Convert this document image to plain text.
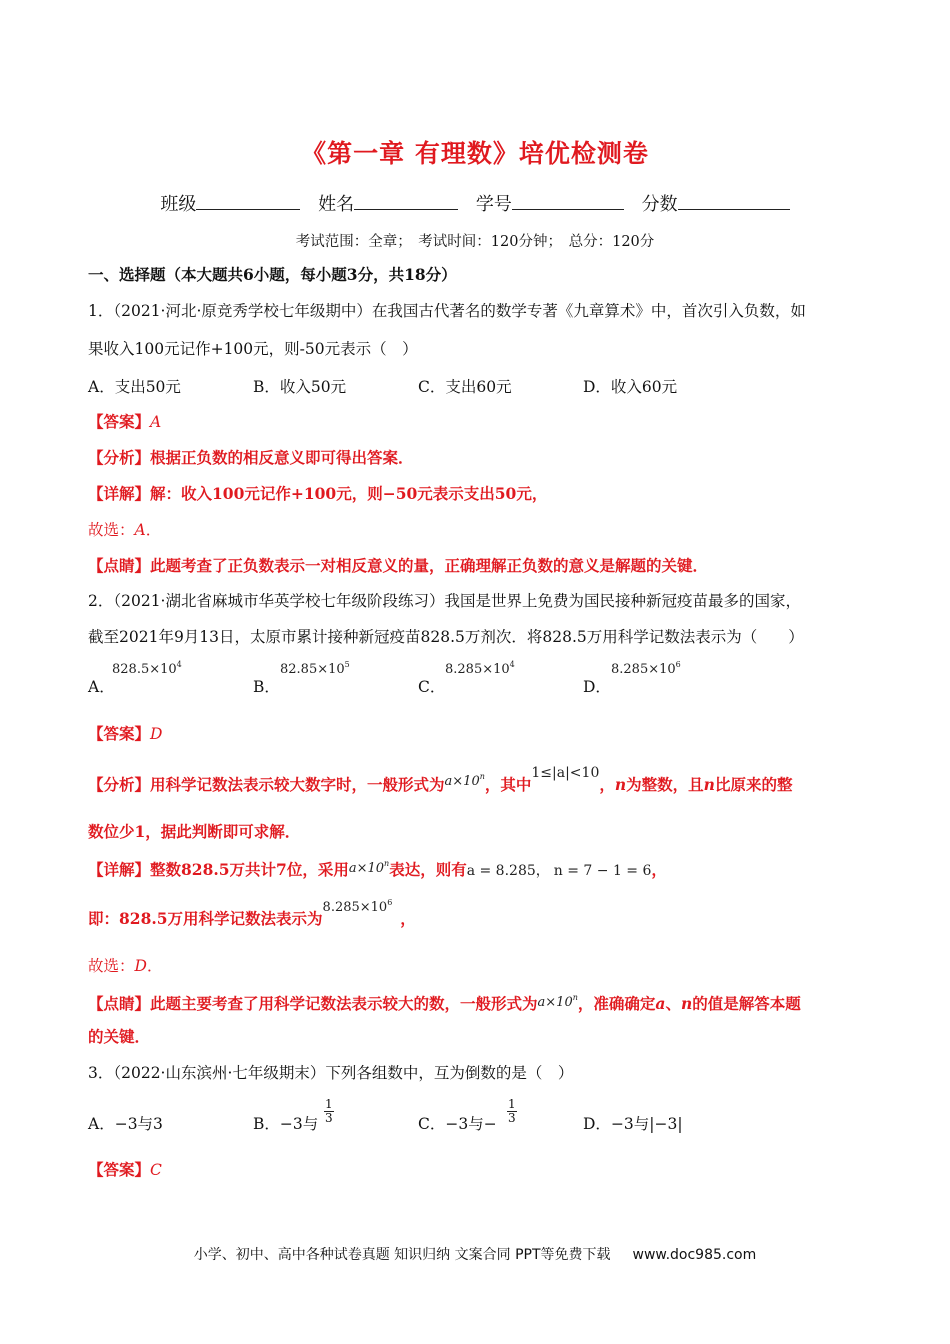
《第一章 有理数》培优检测卷
班级	姓名	学号	分数
考试范围：全章； 考试时间：120分钟； 总分：120分
一、选择题（本大题共6小题，每小题3分，共18分）
1．（2021·河北·原竞秀学校七年级期中）在我国古代著名的数学专著《九章算术》中，首次引入负数，如
果收入100元记作+100元，则-50元表示（　）
A．支出50元	B．收入50元	C．支出60元	D．收入60元
【答案】A
【分析】根据正负数的相反意义即可得出答案．
【详解】解：收入100元记作+100元，则−50元表示支出50元，
故选：A．
【点睛】此题考查了正负数表示一对相反意义的量，正确理解正负数的意义是解题的关键．
2．（2021·湖北省麻城市华英学校七年级阶段练习）我国是世界上免费为国民接种新冠疫苗最多的国家，
截至2021年9月13日，太原市累计接种新冠疫苗828.5万剂次．将828.5万用科学记数法表示为（　　）
A．
$828.5\times 10^4$
B．
$82.85\times 10^5$
C．
$8.285\times 10^4$
D．
$8.285\times 10^6$
【答案】D
【分析】用科学记数法表示较大数字时，一般形式为$^{a\times 10^n}$，其中1≤|a|<10，n为整数，且n比原来的整
数位少1，据此判断即可求解．
【详解】整数828.5万共计7位，采用$a\times 10^n$表达，则有a = 8.285， n = 7 − 1 = 6，
即：828.5万用科学记数法表示为$^{8.285\times 10^6}$，
故选：D．
【点睛】此题主要考查了用科学记数法表示较大的数，一般形式为$a\times 10^n$，准确确定a、n的值是解答本题
的关键．
3．（2022·山东滨州·七年级期末）下列各组数中，互为倒数的是（　）
A．−3与3	B．−3与 $\frac{1}{3}$	C．−3与− $\frac{1}{3}$	D．−3与|−3|
【答案】C
小学、初中、高中各种试卷真题 知识归纳 文案合同 PPT等免费下载 www.doc985.com
